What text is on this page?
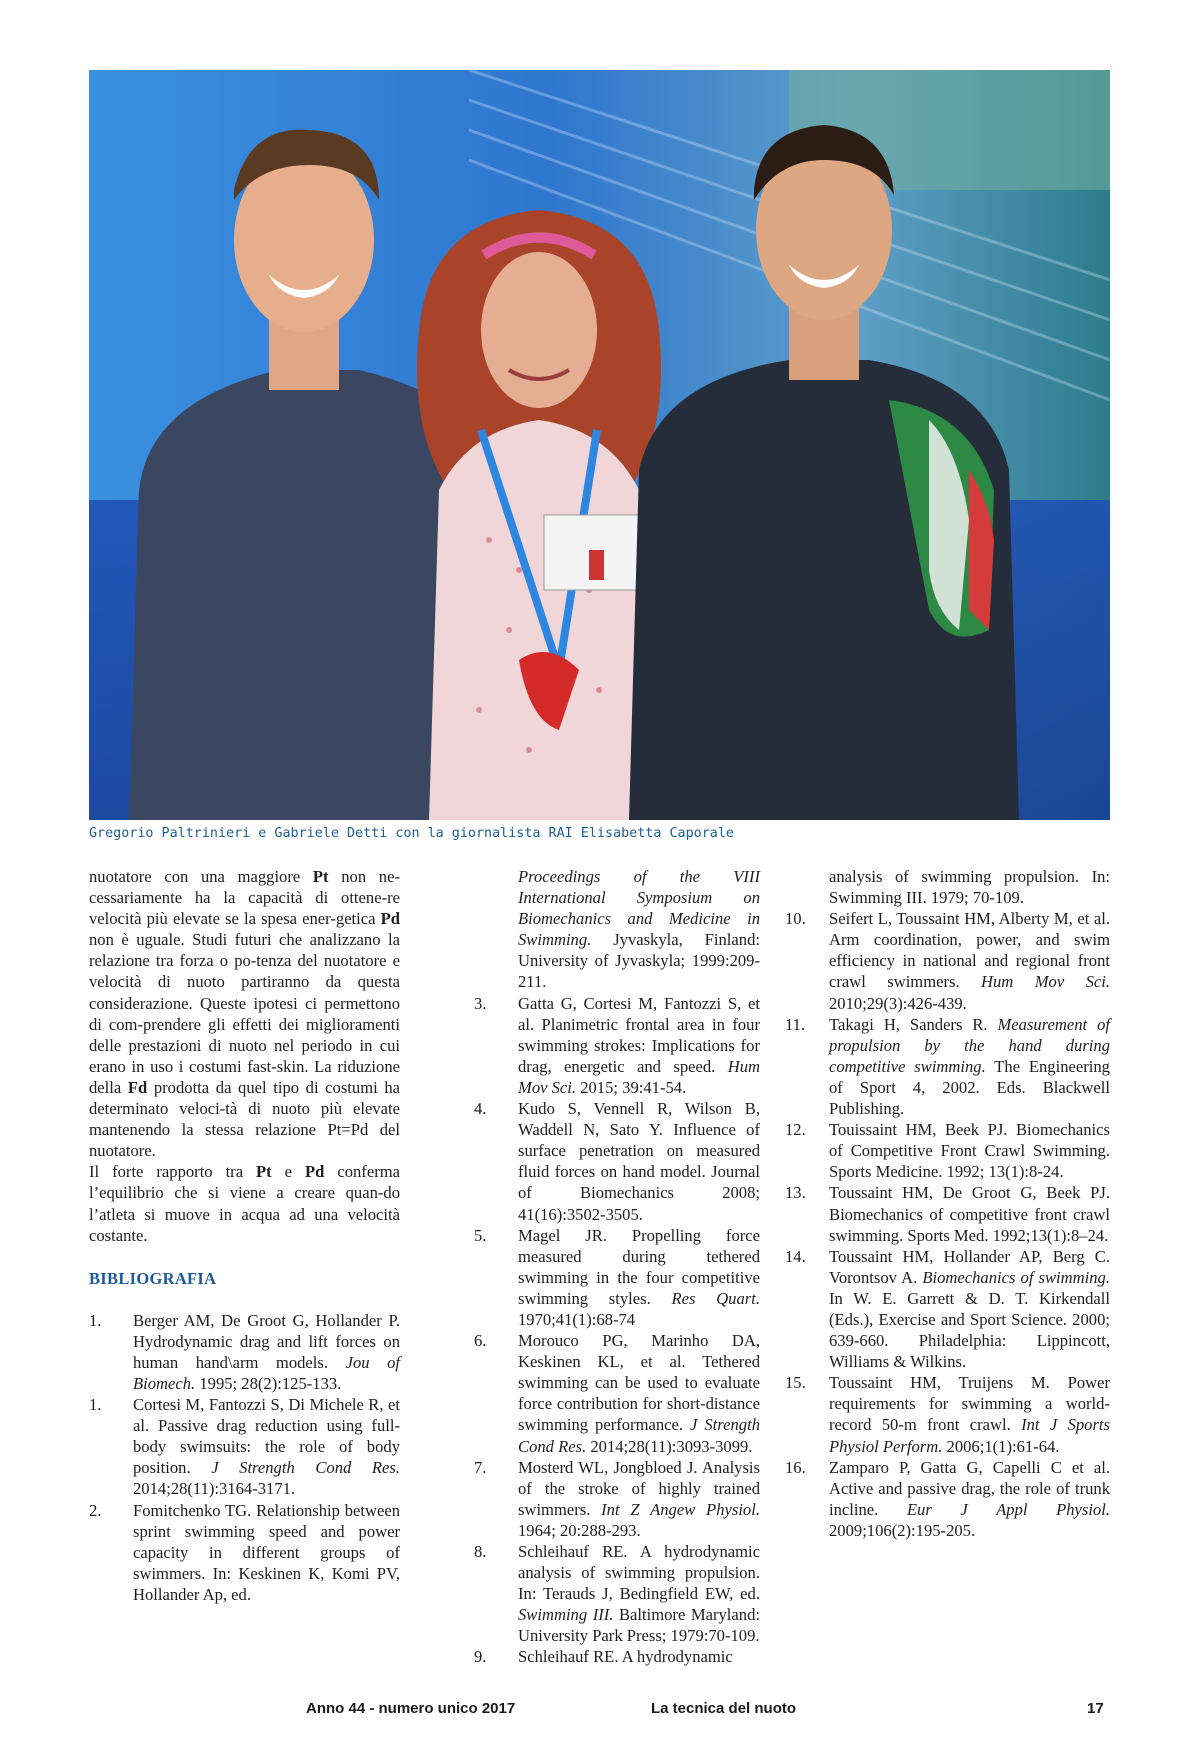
Gregorio Paltrinieri e Gabriele Detti con la giornalista RAI Elisabetta Caporale

nuotatore con una maggiore Pt non ne-cessariamente ha la capacità di ottene-re velocità più elevate se la spesa ener-getica Pd non è uguale. Studi futuri che analizzano la relazione tra forza o po-tenza del nuotatore e velocità di nuoto partiranno da questa considerazione. Queste ipotesi ci permettono di com-prendere gli effetti dei miglioramenti delle prestazioni di nuoto nel periodo in cui erano in uso i costumi fast-skin. La riduzione della Fd prodotta da quel tipo di costumi ha determinato veloci-tà di nuoto più elevate mantenendo la stessa relazione Pt=Pd del nuotatore.

Il forte rapporto tra Pt e Pd conferma l’equilibrio che si viene a creare quan-do l’atleta si muove in acqua ad una velocità costante.

BIBLIOGRAFIA
1.	Berger AM, De Groot G, Hollander P. Hydrodynamic drag and lift forces on human hand\arm models. Jou of Biomech. 1995; 28(2):125-133.
1.	Cortesi M, Fantozzi S, Di Michele R, et al. Passive drag reduction using full-body swimsuits: the role of body position. J Strength Cond Res. 2014;28(11):3164-3171.
2.	Fomitchenko TG. Relationship between sprint swimming speed and power capacity in different groups of swimmers. In: Keskinen K, Komi PV, Hollander Ap, ed.
Proceedings of the VIII International Symposium on Biomechanics and Medicine in Swimming. Jyvaskyla, Finland: University of Jyvaskyla; 1999:209-211.
3.	Gatta G, Cortesi M, Fantozzi S, et al. Planimetric frontal area in four swimming strokes: Implications for drag, energetic and speed. Hum Mov Sci. 2015; 39:41-54.
4.	Kudo S, Vennell R, Wilson B, Waddell N, Sato Y. Influence of surface penetration on measured fluid forces on hand model. Journal of Biomechanics 2008; 41(16):3502-3505.
5.	Magel JR. Propelling force measured during tethered swimming in the four competitive swimming styles. Res Quart. 1970;41(1):68-74
6.	Morouco PG, Marinho DA, Keskinen KL, et al. Tethered swimming can be used to evaluate force contribution for short-distance swimming performance. J Strength Cond Res. 2014;28(11):3093-3099.
7.	Mosterd WL, Jongbloed J. Analysis of the stroke of highly trained swimmers. Int Z Angew Physiol. 1964; 20:288-293.
8.	Schleihauf RE. A hydrodynamic analysis of swimming propulsion. In: Terauds J, Bedingfield EW, ed. Swimming III. Baltimore Maryland: University Park Press; 1979:70-109.
9.	Schleihauf RE. A hydrodynamic
analysis of swimming propulsion. In: Swimming III. 1979; 70-109.
10.	Seifert L, Toussaint HM, Alberty M, et al. Arm coordination, power, and swim efficiency in national and regional front crawl swimmers. Hum Mov Sci. 2010;29(3):426-439.
11.	Takagi H, Sanders R. Measurement of propulsion by the hand during competitive swimming. The Engineering of Sport 4, 2002. Eds. Blackwell Publishing.
12.	Touissaint HM, Beek PJ. Biomechanics of Competitive Front Crawl Swimming. Sports Medicine. 1992; 13(1):8-24.
13.	Toussaint HM, De Groot G, Beek PJ. Biomechanics of competitive front crawl swimming. Sports Med. 1992;13(1):8–24.
14.	Toussaint HM, Hollander AP, Berg C. Vorontsov A. Biomechanics of swimming. In W. E. Garrett & D. T. Kirkendall (Eds.), Exercise and Sport Science. 2000; 639-660. Philadelphia: Lippincott, Williams & Wilkins.
15.	Toussaint HM, Truijens M. Power requirements for swimming a world-record 50-m front crawl. Int J Sports Physiol Perform. 2006;1(1):61-64.
16.	Zamparo P, Gatta G, Capelli C et al. Active and passive drag, the role of trunk incline. Eur J Appl Physiol. 2009;106(2):195-205.
Anno 44 - numero unico 2017	La tecnica del nuoto	17
